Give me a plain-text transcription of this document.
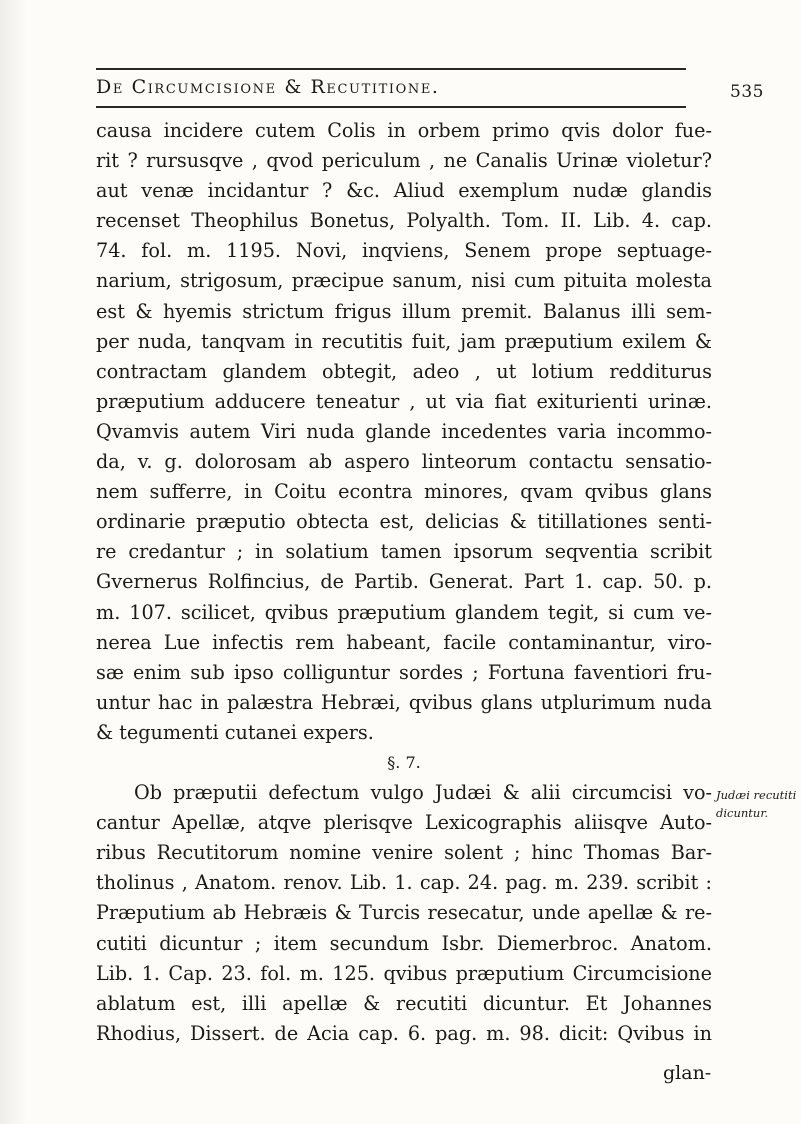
De Circumcisione & Recutitione.	535
causa incidere cutem Colis in orbem primo qvis dolor fue-
rit ? rursusqve , qvod periculum , ne Canalis Urinæ violetur?
aut venæ incidantur ? &c. Aliud exemplum nudæ glandis
recenset Theophilus Bonetus, Polyalth. Tom. II. Lib. 4. cap.
74. fol. m. 1195. Novi, inqviens, Senem prope septuage-
narium, strigosum, præcipue sanum, nisi cum pituita molesta
est & hyemis strictum frigus illum premit. Balanus illi sem-
per nuda, tanqvam in recutitis fuit, jam præputium exilem &
contractam glandem obtegit, adeo , ut lotium redditurus
præputium adducere teneatur , ut via fiat exiturienti urinæ.
Qvamvis autem Viri nuda glande incedentes varia incommo-
da, v. g. dolorosam ab aspero linteorum contactu sensatio-
nem sufferre, in Coitu econtra minores, qvam qvibus glans
ordinarie præputio obtecta est, delicias & titillationes senti-
re credantur ; in solatium tamen ipsorum seqventia scribit
Gvernerus Rolfincius, de Partib. Generat. Part 1. cap. 50. p.
m. 107. scilicet, qvibus præputium glandem tegit, si cum ve-
nerea Lue infectis rem habeant, facile contaminantur, viro-
sæ enim sub ipso colliguntur sordes ; Fortuna faventiori fru-
untur hac in palæstra Hebræi, qvibus glans utplurimum nuda
& tegumenti cutanei expers.
§. 7.
Ob præputii defectum vulgo Judæi & alii circumcisi vo-
cantur Apellæ, atqve plerisqve Lexicographis aliisqve Auto-
ribus Recutitorum nomine venire solent ; hinc Thomas Bar-
tholinus , Anatom. renov. Lib. 1. cap. 24. pag. m. 239. scribit :
Præputium ab Hebræis & Turcis resecatur, unde apellæ & re-
cutiti dicuntur ; item secundum Isbr. Diemerbroc. Anatom.
Lib. 1. Cap. 23. fol. m. 125. qvibus præputium Circumcisione
ablatum est, illi apellæ & recutiti dicuntur. Et Johannes
Rhodius, Dissert. de Acia cap. 6. pag. m. 98. dicit: Qvibus in
Judæi recutiti
dicuntur.
glan-
